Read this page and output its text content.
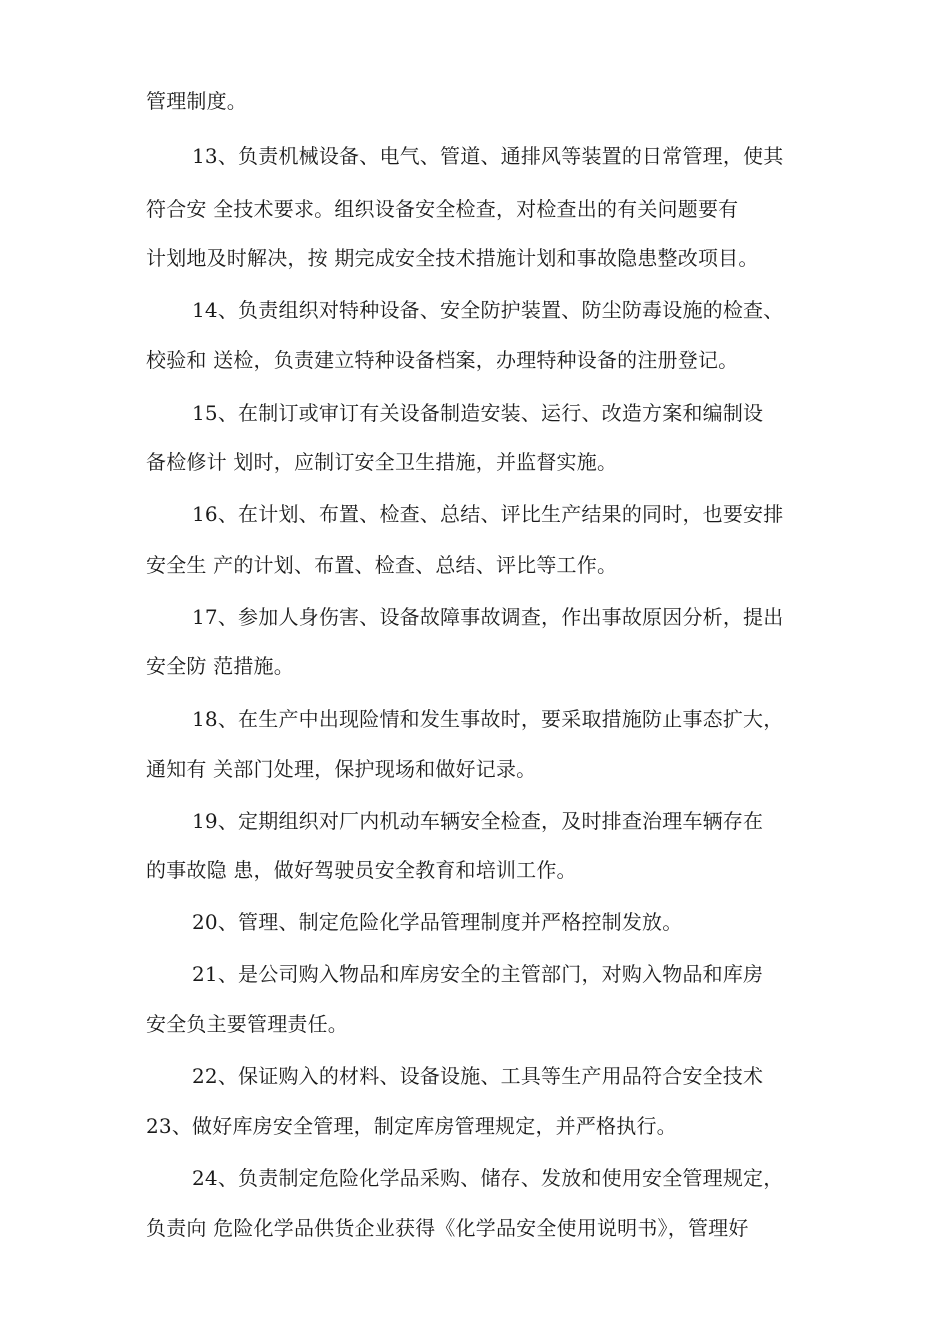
管理制度。

13、负责机械设备、电气、管道、通排风等装置的日常管理，使其

符合安 全技术要求。组织设备安全检查，对检查出的有关问题要有

计划地及时解决，按 期完成安全技术措施计划和事故隐患整改项目。

14、负责组织对特种设备、安全防护装置、防尘防毒设施的检查、

校验和 送检，负责建立特种设备档案，办理特种设备的注册登记。

15、在制订或审订有关设备制造安装、运行、改造方案和编制设

备检修计 划时，应制订安全卫生措施，并监督实施。

16、在计划、布置、检查、总结、评比生产结果的同时，也要安排

安全生 产的计划、布置、检查、总结、评比等工作。

17、参加人身伤害、设备故障事故调查，作出事故原因分析，提出

安全防 范措施。

18、在生产中出现险情和发生事故时，要采取措施防止事态扩大，

通知有 关部门处理，保护现场和做好记录。

19、定期组织对厂内机动车辆安全检查，及时排查治理车辆存在

的事故隐 患，做好驾驶员安全教育和培训工作。

20、管理、制定危险化学品管理制度并严格控制发放。

21、是公司购入物品和库房安全的主管部门，对购入物品和库房

安全负主要管理责任。

22、保证购入的材料、设备设施、工具等生产用品符合安全技术

23、做好库房安全管理，制定库房管理规定，并严格执行。

24、负责制定危险化学品采购、储存、发放和使用安全管理规定，

负责向 危险化学品供货企业获得《化学品安全使用说明书》，管理好
